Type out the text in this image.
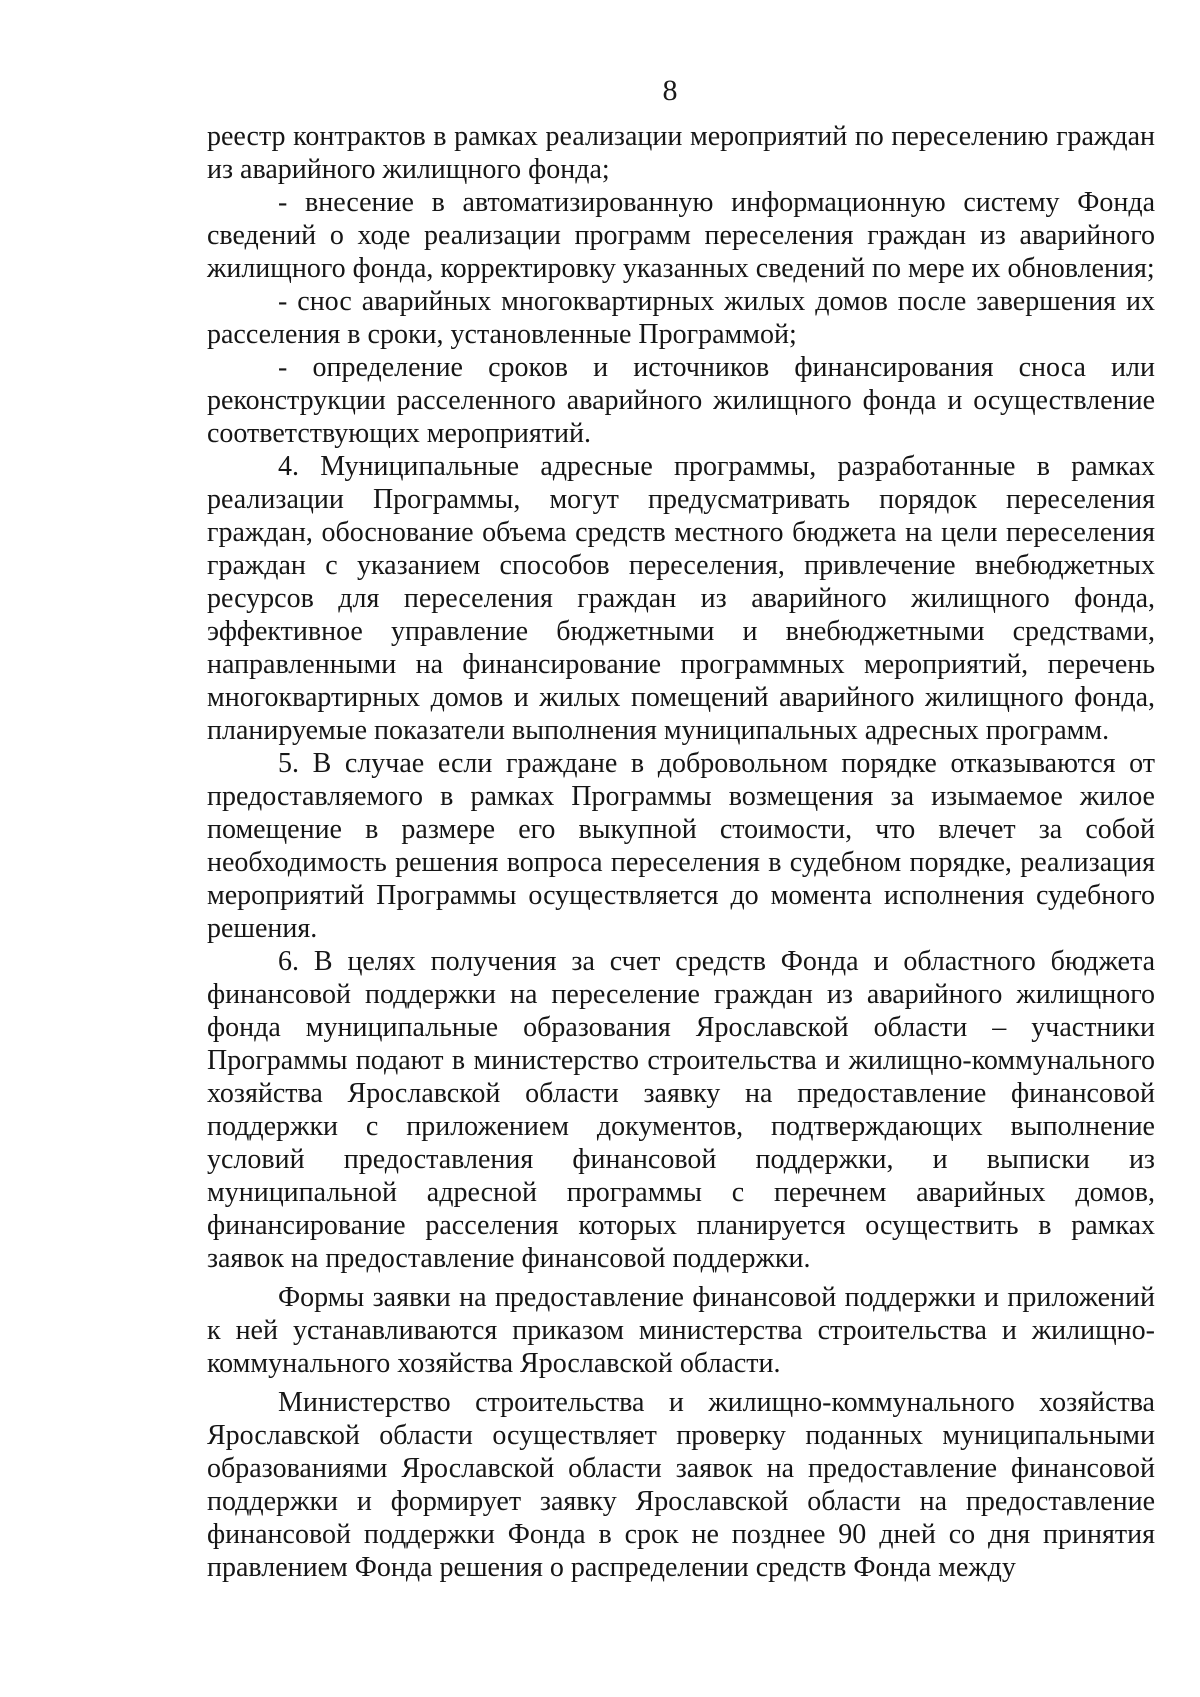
8

реестр контрактов в рамках реализации мероприятий по переселению граждан из аварийного жилищного фонда;

- внесение в автоматизированную информационную систему Фонда сведений о ходе реализации программ переселения граждан из аварийного жилищного фонда, корректировку указанных сведений по мере их обновления;

- снос аварийных многоквартирных жилых домов после завершения их расселения в сроки, установленные Программой;

- определение сроков и источников финансирования сноса или реконструкции расселенного аварийного жилищного фонда и осуществление соответствующих мероприятий.

4. Муниципальные адресные программы, разработанные в рамках реализации Программы, могут предусматривать порядок переселения граждан, обоснование объема средств местного бюджета на цели переселения граждан с указанием способов переселения, привлечение внебюджетных ресурсов для переселения граждан из аварийного жилищного фонда, эффективное управление бюджетными и внебюджетными средствами, направленными на финансирование программных мероприятий, перечень многоквартирных домов и жилых помещений аварийного жилищного фонда, планируемые показатели выполнения муниципальных адресных программ.

5. В случае если граждане в добровольном порядке отказываются от предоставляемого в рамках Программы возмещения за изымаемое жилое помещение в размере его выкупной стоимости, что влечет за собой необходимость решения вопроса переселения в судебном порядке, реализация мероприятий Программы осуществляется до момента исполнения судебного решения.

6. В целях получения за счет средств Фонда и областного бюджета финансовой поддержки на переселение граждан из аварийного жилищного фонда муниципальные образования Ярославской области – участники Программы подают в министерство строительства и жилищно-коммунального хозяйства Ярославской области заявку на предоставление финансовой поддержки с приложением документов, подтверждающих выполнение условий предоставления финансовой поддержки, и выписки из муниципальной адресной программы с перечнем аварийных домов, финансирование расселения которых планируется осуществить в рамках заявок на предоставление финансовой поддержки.

Формы заявки на предоставление финансовой поддержки и приложений к ней устанавливаются приказом министерства строительства и жилищно-коммунального хозяйства Ярославской области.

Министерство строительства и жилищно-коммунального хозяйства Ярославской области осуществляет проверку поданных муниципальными образованиями Ярославской области заявок на предоставление финансовой поддержки и формирует заявку Ярославской области на предоставление финансовой поддержки Фонда в срок не позднее 90 дней со дня принятия правлением Фонда решения о распределении средств Фонда между
